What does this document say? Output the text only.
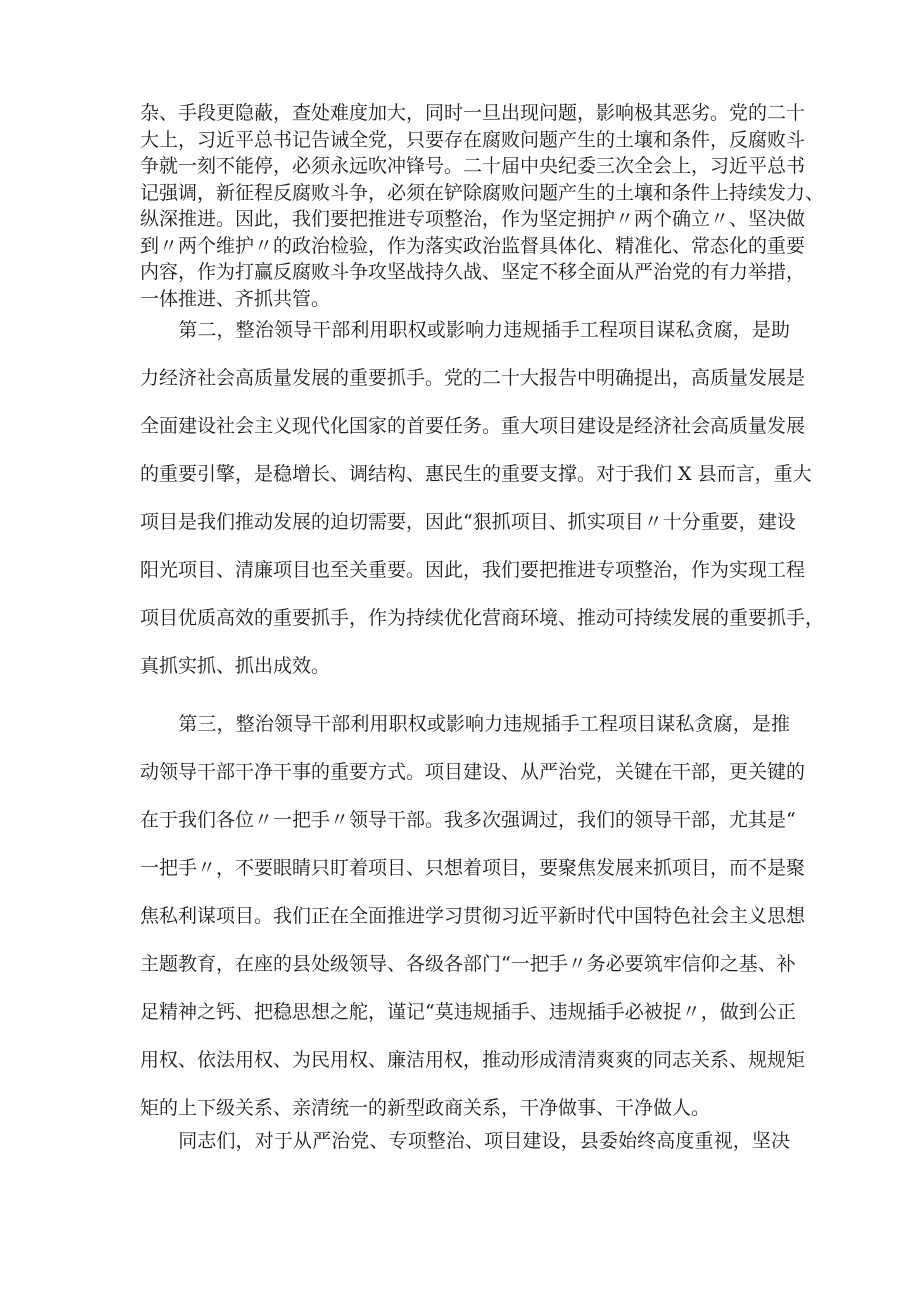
杂、手段更隐蔽，查处难度加大，同时一旦出现问题，影响极其恶劣。党的二十
大上，习近平总书记告诫全党，只要存在腐败问题产生的土壤和条件，反腐败斗
争就一刻不能停，必须永远吹冲锋号。二十届中央纪委三次全会上，习近平总书
记强调，新征程反腐败斗争，必须在铲除腐败问题产生的土壤和条件上持续发力、
纵深推进。因此，我们要把推进专项整治，作为坚定拥护〃两个确立〃、坚决做
到〃两个维护〃的政治检验，作为落实政治监督具体化、精准化、常态化的重要
内容，作为打赢反腐败斗争攻坚战持久战、坚定不移全面从严治党的有力举措，
一体推进、齐抓共管。

　　第二，整治领导干部利用职权或影响力违规插手工程项目谋私贪腐，是助
力经济社会高质量发展的重要抓手。党的二十大报告中明确提出，高质量发展是
全面建设社会主义现代化国家的首要任务。重大项目建设是经济社会高质量发展
的重要引擎，是稳增长、调结构、惠民生的重要支撑。对于我们 X 县而言，重大
项目是我们推动发展的迫切需要，因此“狠抓项目、抓实项目〃十分重要，建设
阳光项目、清廉项目也至关重要。因此，我们要把推进专项整治，作为实现工程
项目优质高效的重要抓手，作为持续优化营商环境、推动可持续发展的重要抓手，
真抓实抓、抓出成效。

　　第三，整治领导干部利用职权或影响力违规插手工程项目谋私贪腐，是推
动领导干部干净干事的重要方式。项目建设、从严治党，关键在干部，更关键的
在于我们各位〃一把手〃领导干部。我多次强调过，我们的领导干部，尤其是“
一把手〃，不要眼睛只盯着项目、只想着项目，要聚焦发展来抓项目，而不是聚
焦私利谋项目。我们正在全面推进学习贯彻习近平新时代中国特色社会主义思想
主题教育，在座的县处级领导、各级各部门“一把手〃务必要筑牢信仰之基、补
足精神之钙、把稳思想之舵，谨记“莫违规插手、违规插手必被捉〃，做到公正
用权、依法用权、为民用权、廉洁用权，推动形成清清爽爽的同志关系、规规矩
矩的上下级关系、亲清统一的新型政商关系，干净做事、干净做人。

　　同志们，对于从严治党、专项整治、项目建设，县委始终高度重视，坚决
